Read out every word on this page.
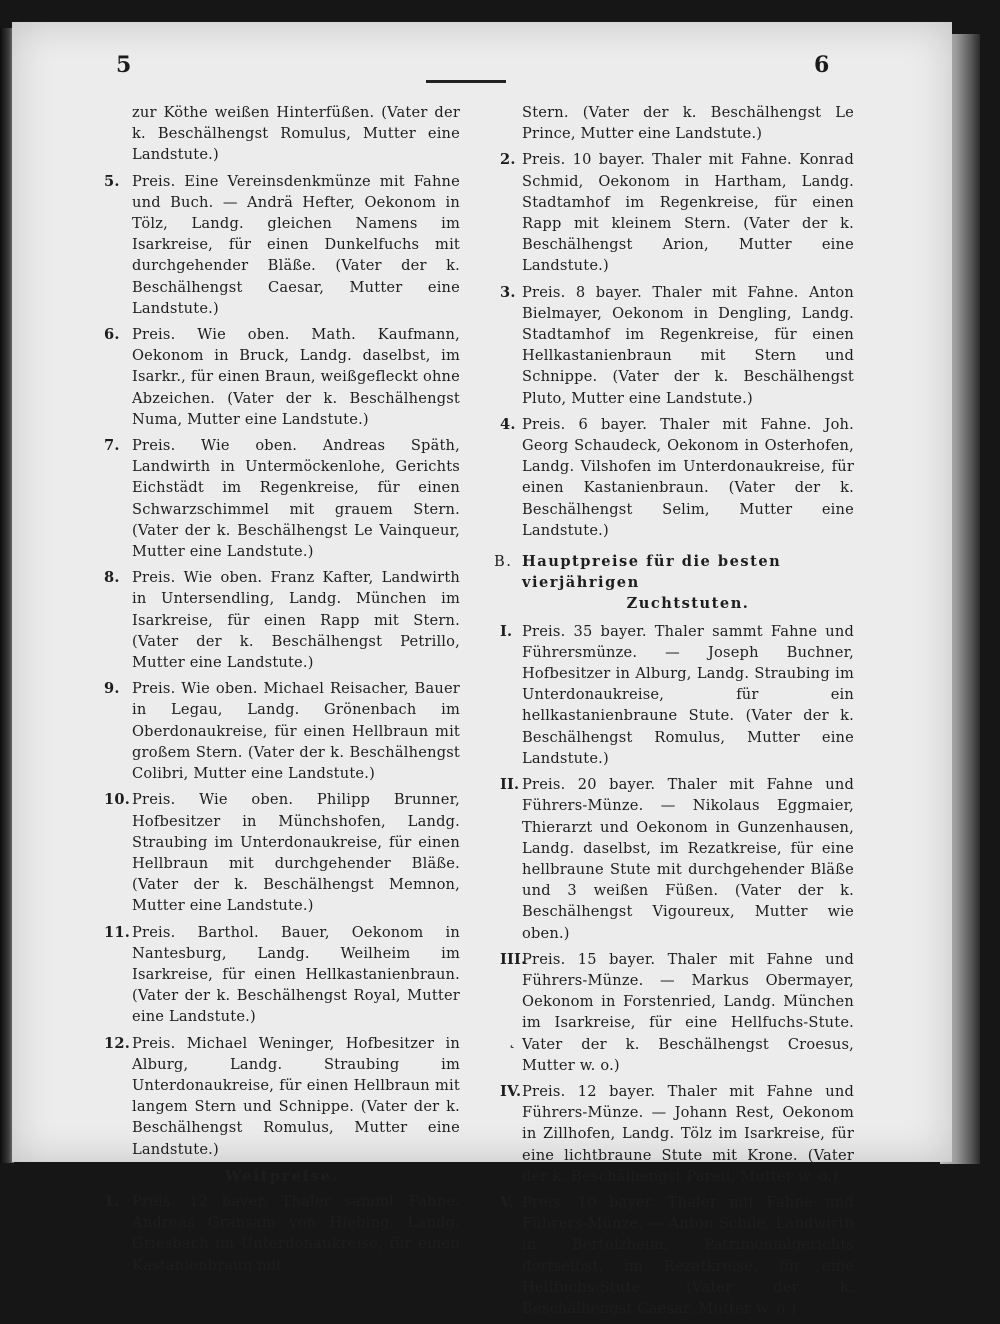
5	6
zur Köthe weißen Hinterfüßen. (Vater der k. Beschälhengst Romulus, Mutter eine Landstute.)
5. Preis. Eine Vereinsdenkmünze mit Fahne und Buch. — Andrä Hefter, Oekonom in Tölz, Landg. gleichen Namens im Isarkreise, für einen Dunkelfuchs mit durchgehender Bläße. (Vater der k. Beschälhengst Caesar, Mutter eine Landstute.)
6. Preis. Wie oben. Math. Kaufmann, Oekonom in Bruck, Landg. daselbst, im Isarkr., für einen Braun, weißgefleckt ohne Abzeichen. (Vater der k. Beschälhengst Numa, Mutter eine Landstute.)
7. Preis. Wie oben. Andreas Späth, Landwirth in Untermöckenlohe, Gerichts Eichstädt im Regenkreise, für einen Schwarzschimmel mit grauem Stern. (Vater der k. Beschälhengst Le Vainqueur, Mutter eine Landstute.)
8. Preis. Wie oben. Franz Kafter, Landwirth in Untersendling, Landg. München im Isarkreise, für einen Rapp mit Stern. (Vater der k. Beschälhengst Petrillo, Mutter eine Landstute.)
9. Preis. Wie oben. Michael Reisacher, Bauer in Legau, Landg. Grönenbach im Oberdonaukreise, für einen Hellbraun mit großem Stern. (Vater der k. Beschälhengst Colibri, Mutter eine Landstute.)
10. Preis. Wie oben. Philipp Brunner, Hofbesitzer in Münchshofen, Landg. Straubing im Unterdonaukreise, für einen Hellbraun mit durchgehender Bläße. (Vater der k. Beschälhengst Memnon, Mutter eine Landstute.)
11. Preis. Barthol. Bauer, Oekonom in Nantesburg, Landg. Weilheim im Isarkreise, für einen Hellkastanienbraun. (Vater der k. Beschälhengst Royal, Mutter eine Landstute.)
12. Preis. Michael Weninger, Hofbesitzer in Alburg, Landg. Straubing im Unterdonaukreise, für einen Hellbraun mit langem Stern und Schnippe. (Vater der k. Beschälhengst Romulus, Mutter eine Landstute.)
Weitpreise.
1. Preis. 12 bayer. Thaler sammt Fahne. Andreas Gransam von Hiebing, Landg. Griesbach im Unterdonaukreise, für einen Kastanienbraun mit
Stern. (Vater der k. Beschälhengst Le Prince, Mutter eine Landstute.)
2. Preis. 10 bayer. Thaler mit Fahne. Konrad Schmid, Oekonom in Hartham, Landg. Stadtamhof im Regenkreise, für einen Rapp mit kleinem Stern. (Vater der k. Beschälhengst Arion, Mutter eine Landstute.)
3. Preis. 8 bayer. Thaler mit Fahne. Anton Bielmayer, Oekonom in Dengling, Landg. Stadtamhof im Regenkreise, für einen Hellkastanienbraun mit Stern und Schnippe. (Vater der k. Beschälhengst Pluto, Mutter eine Landstute.)
4. Preis. 6 bayer. Thaler mit Fahne. Joh. Georg Schaudeck, Oekonom in Osterhofen, Landg. Vilshofen im Unterdonaukreise, für einen Kastanienbraun. (Vater der k. Beschälhengst Selim, Mutter eine Landstute.)
B. Hauptpreise für die besten vierjährigen
Zuchtstuten.
I. Preis. 35 bayer. Thaler sammt Fahne und Führersmünze. — Joseph Buchner, Hofbesitzer in Alburg, Landg. Straubing im Unterdonaukreise, für ein hellkastanienbraune Stute. (Vater der k. Beschälhengst Romulus, Mutter eine Landstute.)
II. Preis. 20 bayer. Thaler mit Fahne und Führers-Münze. — Nikolaus Eggmaier, Thierarzt und Oekonom in Gunzenhausen, Landg. daselbst, im Rezatkreise, für eine hellbraune Stute mit durchgehender Bläße und 3 weißen Füßen. (Vater der k. Beschälhengst Vigoureux, Mutter wie oben.)
III.
Preis. 15 bayer. Thaler mit Fahne und Führers-Münze. — Markus Obermayer, Oekonom in Forstenried, Landg. München im Isarkreise, für eine Hellfuchs-Stute. Vater der k. Beschälhengst Croesus, Mutter w. o.)
IV. Preis. 12 bayer. Thaler mit Fahne und Führers-Münze. — Johann Rest, Oekonom in Zillhofen, Landg. Tölz im Isarkreise, für eine lichtbraune Stute mit Krone. (Vater der k. Beschälhengst Pareil, Mutter w. o.)
V. Preis. 10 bayer. Thaler mit Fahne und Führers-Münze. — Anton Schile, Landwirth in Bertolzheim, Patrimonialgerichts dortselbst, im Rezatkreise, für eine Hellfuchs-Stute. (Vater der k. Beschälhengst Caesar, Mutter w. o.)
˛
